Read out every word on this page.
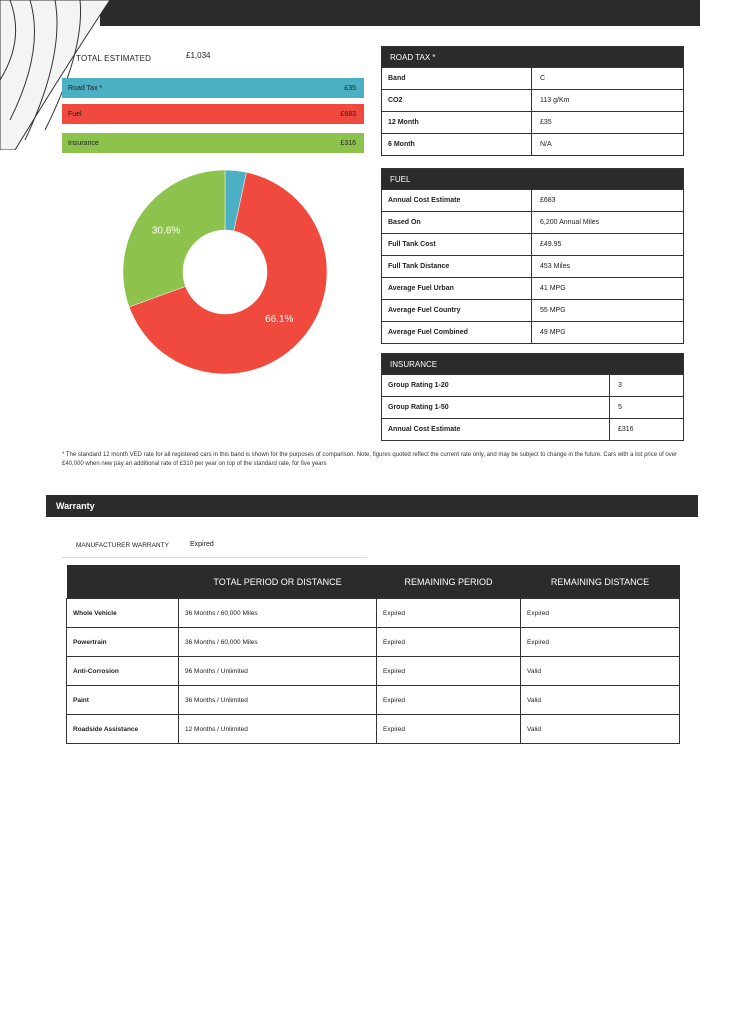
TOTAL ESTIMATED	£1,034
Road Tax *	£35
Fuel	£683
Insurance	£316
66.1%
30.6%
ROAD TAX *
Band	C
CO2	113 g/Km
12 Month	£35
6 Month	N/A
FUEL
Annual Cost Estimate	£683
Based On	6,200 Annual Miles
Full Tank Cost	£49.95
Full Tank Distance	453 Miles
Average Fuel Urban	41 MPG
Average Fuel Country	55 MPG
Average Fuel Combined	49 MPG
INSURANCE
Group Rating 1-20	3
Group Rating 1-50	5
Annual Cost Estimate	£316
* The standard 12 month VED rate for all registered cars in this band is shown for the purposes of comparison. Note, figures quoted reflect the current rate only, and may be subject to change in the future. Cars with a list price of over £40,000 when new pay an additional rate of £310 per year on top of the standard rate, for five years
Warranty
MANUFACTURER WARRANTY	Expired
	TOTAL PERIOD OR DISTANCE	REMAINING PERIOD	REMAINING DISTANCE
Whole Vehicle	36 Months / 60,000 Miles	Expired	Expired
Powertrain	36 Months / 60,000 Miles	Expired	Expired
Anti-Corrosion	96 Months / Unlimited	Expired	Valid
Paint	36 Months / Unlimited	Expired	Valid
Roadside Assistance	12 Months / Unlimited	Expired	Valid
